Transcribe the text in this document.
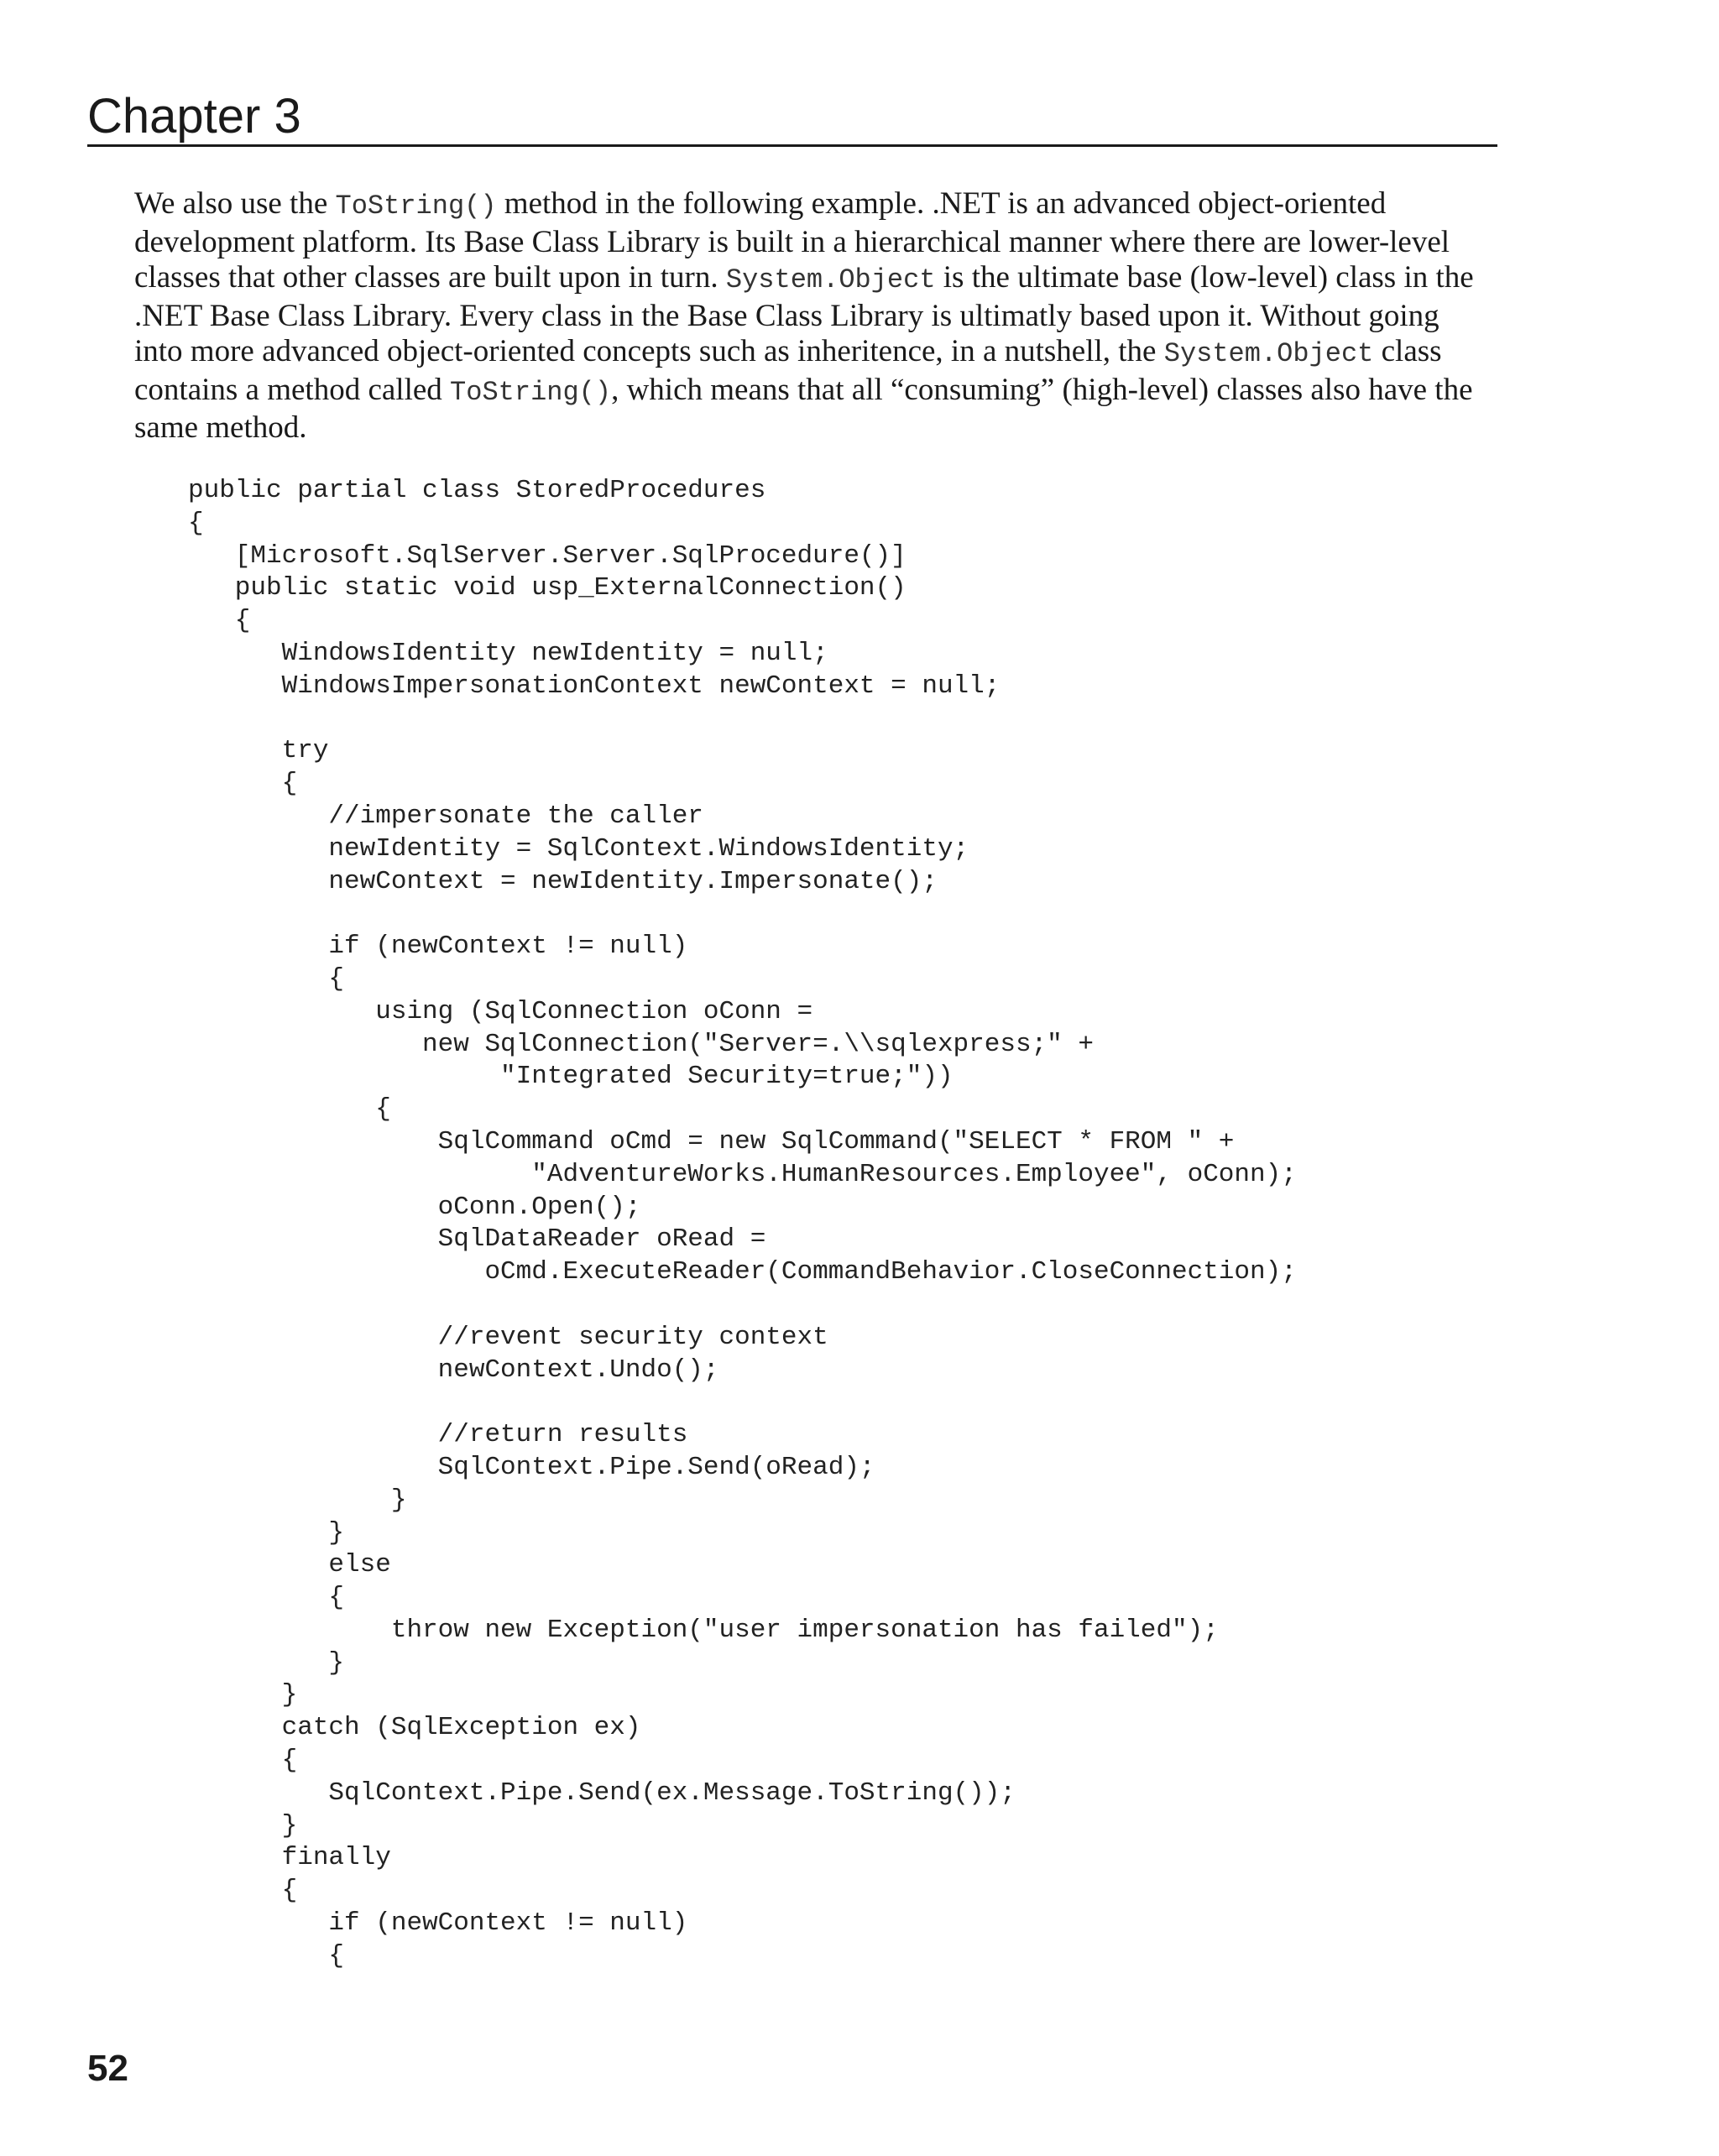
Chapter 3

We also use the ToString() method in the following example. .NET is an advanced object-oriented development platform. Its Base Class Library is built in a hierarchical manner where there are lower-level classes that other classes are built upon in turn. System.Object is the ultimate base (low-level) class in the .NET Base Class Library. Every class in the Base Class Library is ultimatly based upon it. Without going into more advanced object-oriented concepts such as inheritence, in a nutshell, the System.Object class contains a method called ToString(), which means that all “consuming” (high-level) classes also have the same method.

public partial class StoredProcedures
{
[Microsoft.SqlServer.Server.SqlProcedure()]
public static void usp_ExternalConnection()
{
WindowsIdentity newIdentity = null;
WindowsImpersonationContext newContext = null;
try
{
//impersonate the caller
newIdentity = SqlContext.WindowsIdentity;
newContext = newIdentity.Impersonate();
if (newContext != null)
{
using (SqlConnection oConn =
new SqlConnection("Server=.\\sqlexpress;" +
"Integrated Security=true;"))
{
SqlCommand oCmd = new SqlCommand("SELECT * FROM " +
"AdventureWorks.HumanResources.Employee", oConn);
oConn.Open();
SqlDataReader oRead =
oCmd.ExecuteReader(CommandBehavior.CloseConnection);
//revent security context
newContext.Undo();
//return results
SqlContext.Pipe.Send(oRead);
}
}
else
{
throw new Exception("user impersonation has failed");
}
}
catch (SqlException ex)
{
SqlContext.Pipe.Send(ex.Message.ToString());
}
finally
{
if (newContext != null)
{
52
